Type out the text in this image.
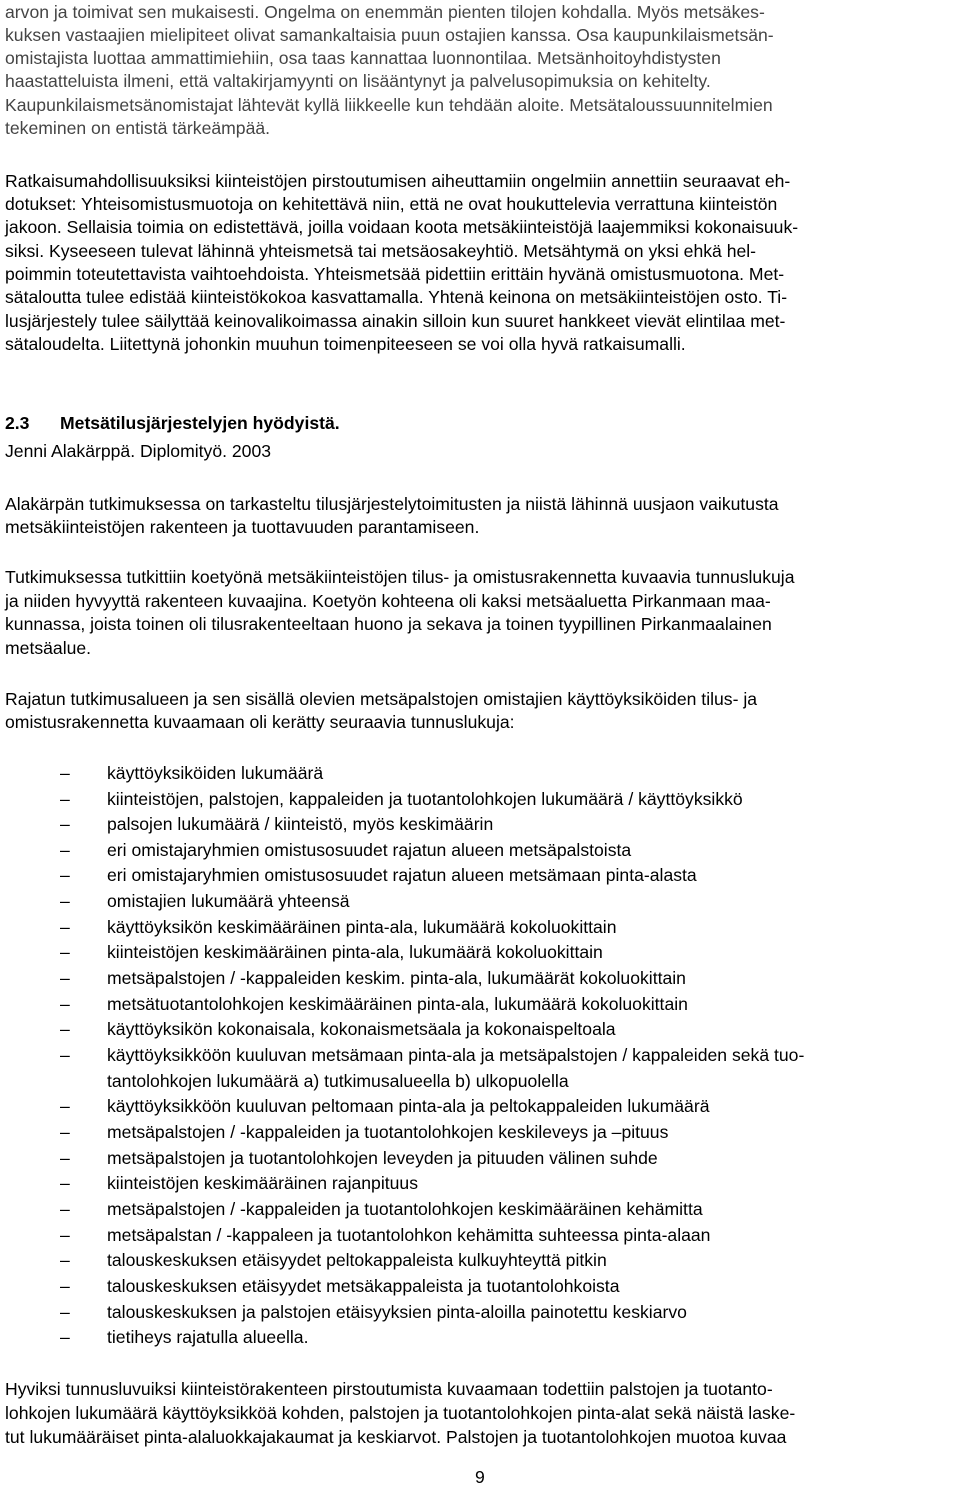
arvon ja toimivat sen mukaisesti. Ongelma on enemmän pienten tilojen kohdalla. Myös metsäkes-
kuksen vastaajien mielipiteet olivat samankaltaisia puun ostajien kanssa. Osa kaupunkilaismetsän-
omistajista luottaa ammattimiehiin, osa taas kannattaa luonnontilaa. Metsänhoitoyhdistysten
haastatteluista ilmeni, että valtakirjamyynti on lisääntynyt ja palvelusopimuksia on kehitelty.
Kaupunkilaismetsänomistajat lähtevät kyllä liikkeelle kun tehdään aloite. Metsätaloussuunnitelmien
tekeminen on entistä tärkeämpää.
Ratkaisumahdollisuuksiksi kiinteistöjen pirstoutumisen aiheuttamiin ongelmiin annettiin seuraavat eh-
dotukset: Yhteisomistusmuotoja on kehitettävä niin, että ne ovat houkuttelevia verrattuna kiinteistön
jakoon. Sellaisia toimia on edistettävä, joilla voidaan koota metsäkiinteistöjä laajemmiksi kokonaisuuk-
siksi. Kyseeseen tulevat lähinnä yhteismetsä tai metsäosakeyhtiö. Metsähtymä on yksi ehkä hel-
poimmin toteutettavista vaihtoehdoista. Yhteismetsää pidettiin erittäin hyvänä omistusmuotona. Met-
sätaloutta tulee edistää kiinteistökokoa kasvattamalla. Yhtenä keinona on metsäkiinteistöjen osto. Ti-
lusjärjestely tulee säilyttää keinovalikoimassa ainakin silloin kun suuret hankkeet vievät elintilaa met-
sätaloudelta. Liitettynä johonkin muuhun toimenpiteeseen se voi olla hyvä ratkaisumalli.
2.3 Metsätilusjärjestelyjen hyödyistä.
Jenni Alakärppä. Diplomityö. 2003
Alakärpän tutkimuksessa on tarkasteltu tilusjärjestelytoimitusten ja niistä lähinnä uusjaon vaikutusta
metsäkiinteistöjen rakenteen ja tuottavuuden parantamiseen.
Tutkimuksessa tutkittiin koetyönä metsäkiinteistöjen tilus- ja omistusrakennetta kuvaavia tunnuslukuja
ja niiden hyvyyttä rakenteen kuvaajina. Koetyön kohteena oli kaksi metsäaluetta Pirkanmaan maa-
kunnassa, joista toinen oli tilusrakenteeltaan huono ja sekava ja toinen tyypillinen Pirkanmaalainen
metsäalue.
Rajatun tutkimusalueen ja sen sisällä olevien metsäpalstojen omistajien käyttöyksiköiden tilus- ja
omistusrakennetta kuvaamaan oli kerätty seuraavia tunnuslukuja:
– käyttöyksiköiden lukumäärä
– kiinteistöjen, palstojen, kappaleiden ja tuotantolohkojen lukumäärä / käyttöyksikkö
– palsojen lukumäärä / kiinteistö, myös keskimäärin
– eri omistajaryhmien omistusosuudet rajatun alueen metsäpalstoista
– eri omistajaryhmien omistusosuudet rajatun alueen metsämaan pinta-alasta
– omistajien lukumäärä yhteensä
– käyttöyksikön keskimääräinen pinta-ala, lukumäärä kokoluokittain
– kiinteistöjen keskimääräinen pinta-ala, lukumäärä kokoluokittain
– metsäpalstojen / -kappaleiden keskim. pinta-ala, lukumäärät kokoluokittain
– metsätuotantolohkojen keskimääräinen pinta-ala, lukumäärä kokoluokittain
– käyttöyksikön kokonaisala, kokonaismetsäala ja kokonaispeltoala
– käyttöyksikköön kuuluvan metsämaan pinta-ala ja metsäpalstojen / kappaleiden sekä tuo-
tantolohkojen lukumäärä a) tutkimusalueella b) ulkopuolella
– käyttöyksikköön kuuluvan peltomaan pinta-ala ja peltokappaleiden lukumäärä
– metsäpalstojen / -kappaleiden ja tuotantolohkojen keskileveys ja –pituus
– metsäpalstojen ja tuotantolohkojen leveyden ja pituuden välinen suhde
– kiinteistöjen keskimääräinen rajanpituus
– metsäpalstojen / -kappaleiden ja tuotantolohkojen keskimääräinen kehämitta
– metsäpalstan / -kappaleen ja tuotantolohkon kehämitta suhteessa pinta-alaan
– talouskeskuksen etäisyydet peltokappaleista kulkuyhteyttä pitkin
– talouskeskuksen etäisyydet metsäkappaleista ja tuotantolohkoista
– talouskeskuksen ja palstojen etäisyyksien pinta-aloilla painotettu keskiarvo
– tietiheys rajatulla alueella.
Hyviksi tunnusluvuiksi kiinteistörakenteen pirstoutumista kuvaamaan todettiin palstojen ja tuotanto-
lohkojen lukumäärä käyttöyksikköä kohden, palstojen ja tuotantolohkojen pinta-alat sekä näistä laske-
tut lukumääräiset pinta-alaluokkajakaumat ja keskiarvot. Palstojen ja tuotantolohkojen muotoa kuvaa
9
